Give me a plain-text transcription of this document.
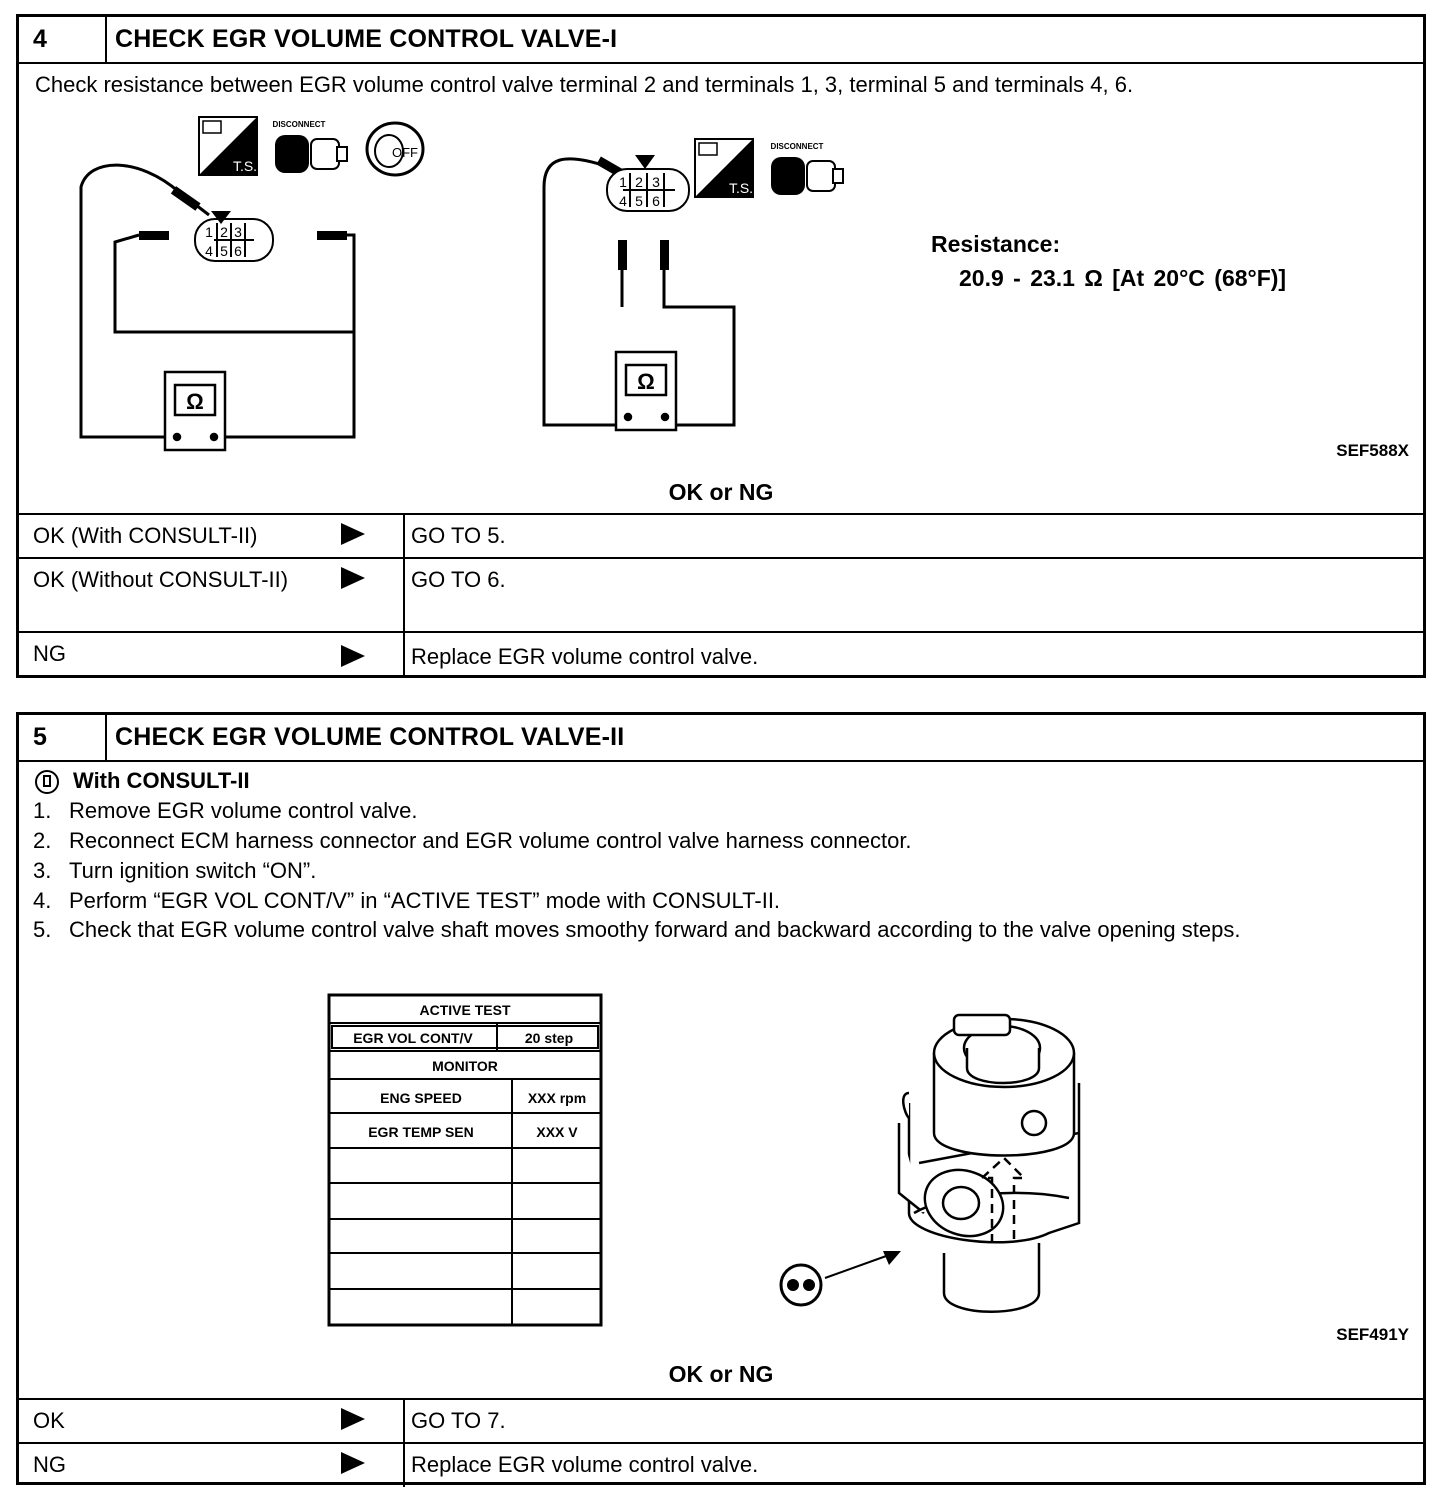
4	CHECK EGR VOLUME CONTROL VALVE-I
Check resistance between EGR volume control valve terminal 2 and terminals 1, 3, terminal 5 and terminals 4, 6.
1 2 3
4 5 6
1 2 3
4 5 6
Ω
Ω
T.S.
DISCONNECT
OFF
T.S.
DISCONNECT
Resistance:
20.9 - 23.1 Ω [At 20°C (68°F)]
SEF588X
OK or NG
OK (With CONSULT-II)	GO TO 5.
OK (Without CONSULT-II)	GO TO 6.
NG	Replace EGR volume control valve.
5	CHECK EGR VOLUME CONTROL VALVE-II
With CONSULT-II
1. Remove EGR volume control valve.
2. Reconnect ECM harness connector and EGR volume control valve harness connector.
3. Turn ignition switch “ON”.
4. Perform “EGR VOL CONT/V” in “ACTIVE TEST” mode with CONSULT-II.
5. Check that EGR volume control valve shaft moves smoothy forward and backward according to the valve opening steps.
ACTIVE TEST
EGR VOL CONT/V	20 step
MONITOR
ENG SPEED	XXX rpm
EGR TEMP SEN	XXX V
SEF491Y
OK or NG
OK	GO TO 7.
NG	Replace EGR volume control valve.
